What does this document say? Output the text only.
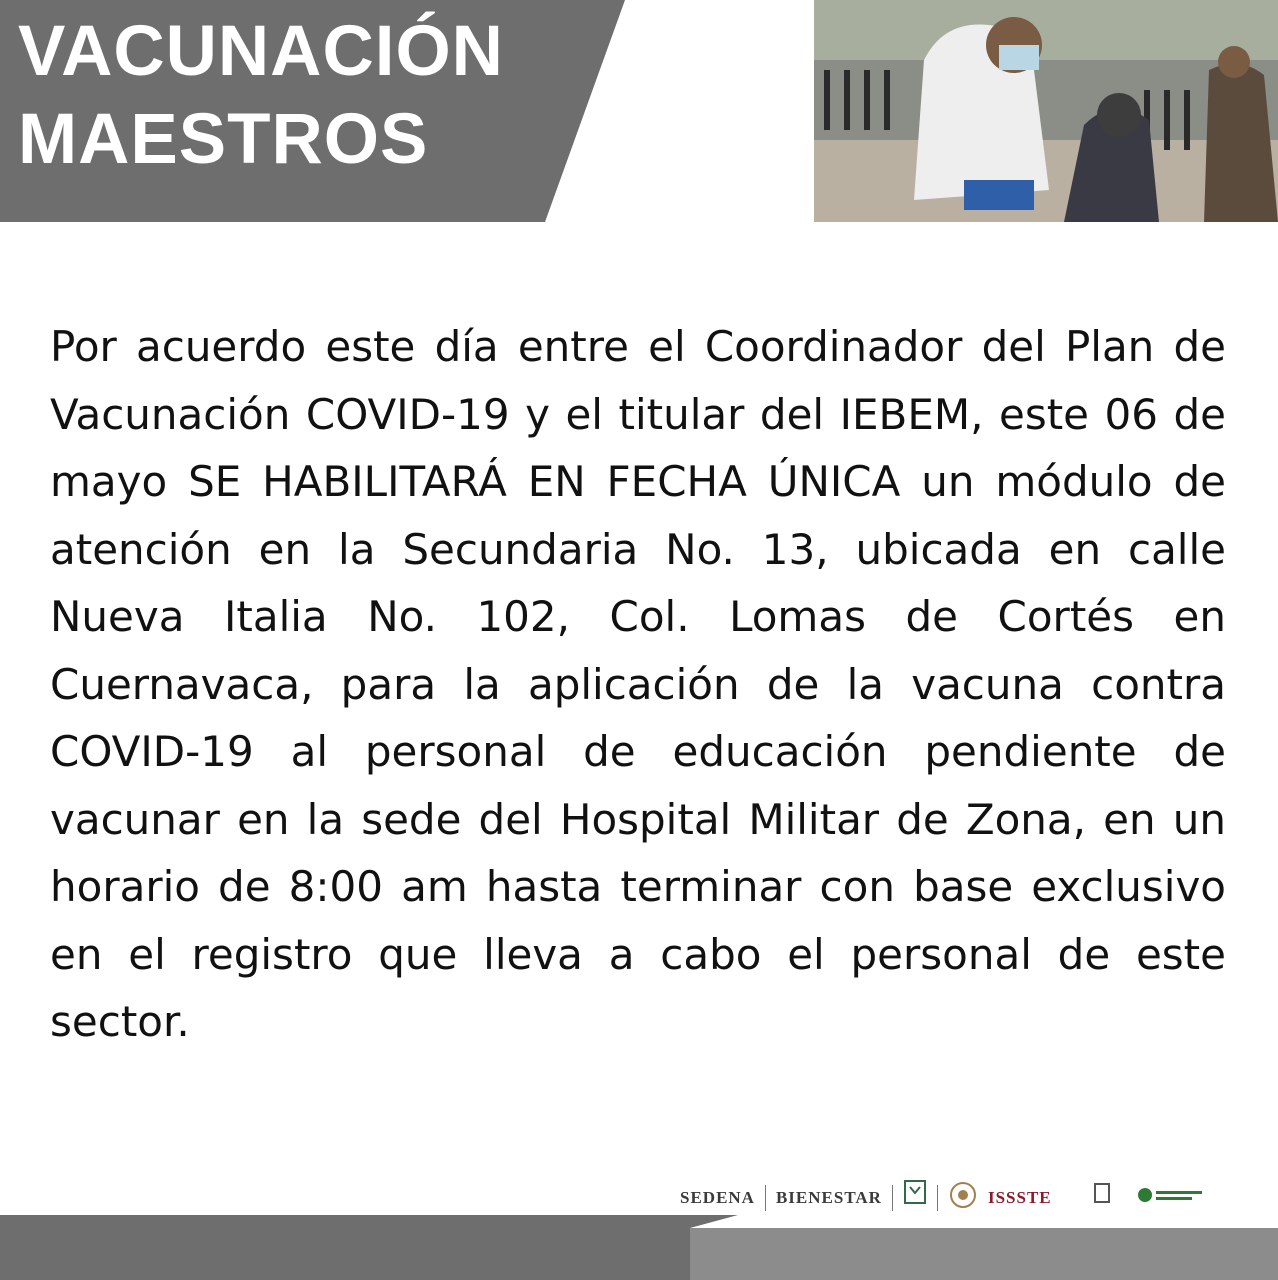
VACUNACIÓN
MAESTROS
Por acuerdo este día entre el Coordinador del Plan de Vacunación COVID-19 y el titular del IEBEM, este 06 de mayo SE HABILITARÁ EN FECHA ÚNICA un módulo de atención en la Secundaria No. 13, ubicada en calle Nueva Italia No. 102, Col. Lomas de Cortés en Cuernavaca, para la aplicación de la vacuna contra COVID-19 al personal de educación pendiente de vacunar en la sede del Hospital Militar de Zona, en un horario de 8:00 am hasta terminar con base exclusivo en el registro que lleva a cabo el personal de este sector.
SEDENA BIENESTAR	ISSSTE
